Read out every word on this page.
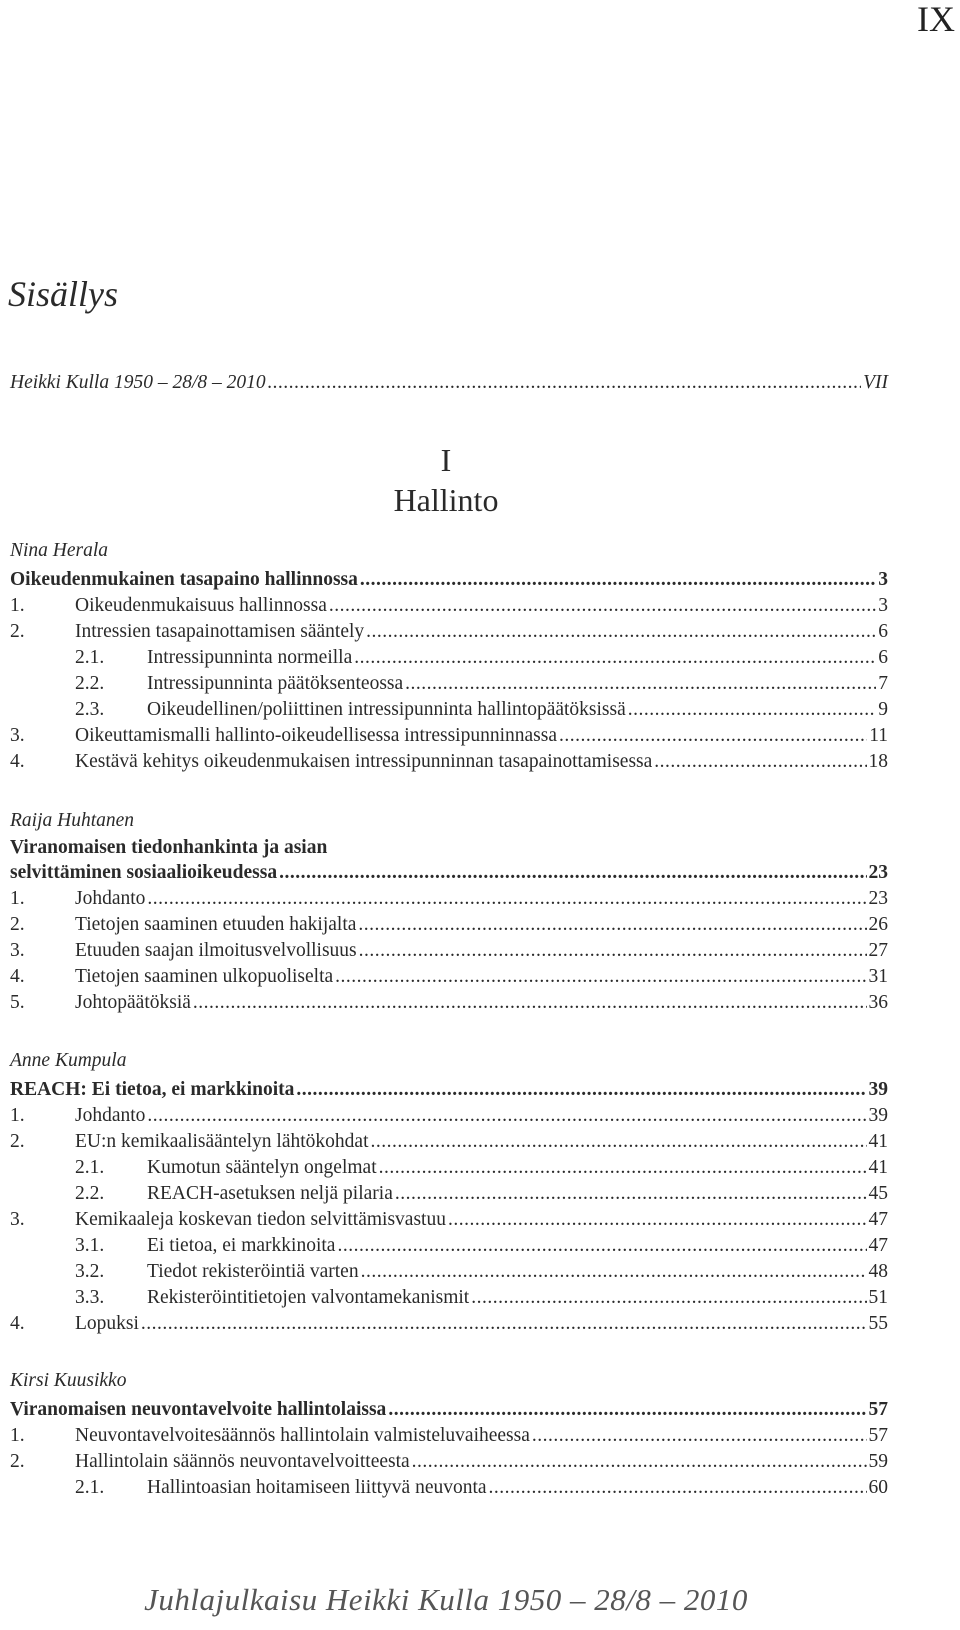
IX
Sisällys
Heikki Kulla 1950 – 28/8 – 2010 .....	VII
I
Hallinto
Nina Herala
Oikeudenmukainen tasapaino hallinnossa .....	3
1.	Oikeudenmukaisuus hallinnossa .....	3
2.	Intressien tasapainottamisen sääntely .....	6
2.1.	Intressipunninta normeilla .....	6
2.2.	Intressipunninta päätöksenteossa .....	7
2.3.	Oikeudellinen/poliittinen intressipunninta hallintopäätöksissä .....	9
3.	Oikeuttamismalli hallinto-oikeudellisessa intressipunninnassa .....	11
4.	Kestävä kehitys oikeudenmukaisen intressipunninnan tasapainottamisessa .....	18
Raija Huhtanen
Viranomaisen tiedonhankinta ja asian
selvittäminen sosiaalioikeudessa .....	23
1.	Johdanto .....	23
2.	Tietojen saaminen etuuden hakijalta .....	26
3.	Etuuden saajan ilmoitusvelvollisuus .....	27
4.	Tietojen saaminen ulkopuoliselta .....	31
5.	Johtopäätöksiä .....	36
Anne Kumpula
REACH: Ei tietoa, ei markkinoita .....	39
1.	Johdanto .....	39
2.	EU:n kemikaalisääntelyn lähtökohdat .....	41
2.1.	Kumotun sääntelyn ongelmat .....	41
2.2.	REACH-asetuksen neljä pilaria .....	45
3.	Kemikaaleja koskevan tiedon selvittämisvastuu .....	47
3.1.	Ei tietoa, ei markkinoita .....	47
3.2.	Tiedot rekisteröintiä varten .....	48
3.3.	Rekisteröintitietojen valvontamekanismit .....	51
4.	Lopuksi .....	55
Kirsi Kuusikko
Viranomaisen neuvontavelvoite hallintolaissa .....	57
1.	Neuvontavelvoitesäännös hallintolain valmisteluvaiheessa .....	57
2.	Hallintolain säännös neuvontavelvoitteesta .....	59
2.1.	Hallintoasian hoitamiseen liittyvä neuvonta .....	60
Juhlajulkaisu Heikki Kulla 1950 – 28/8 – 2010
